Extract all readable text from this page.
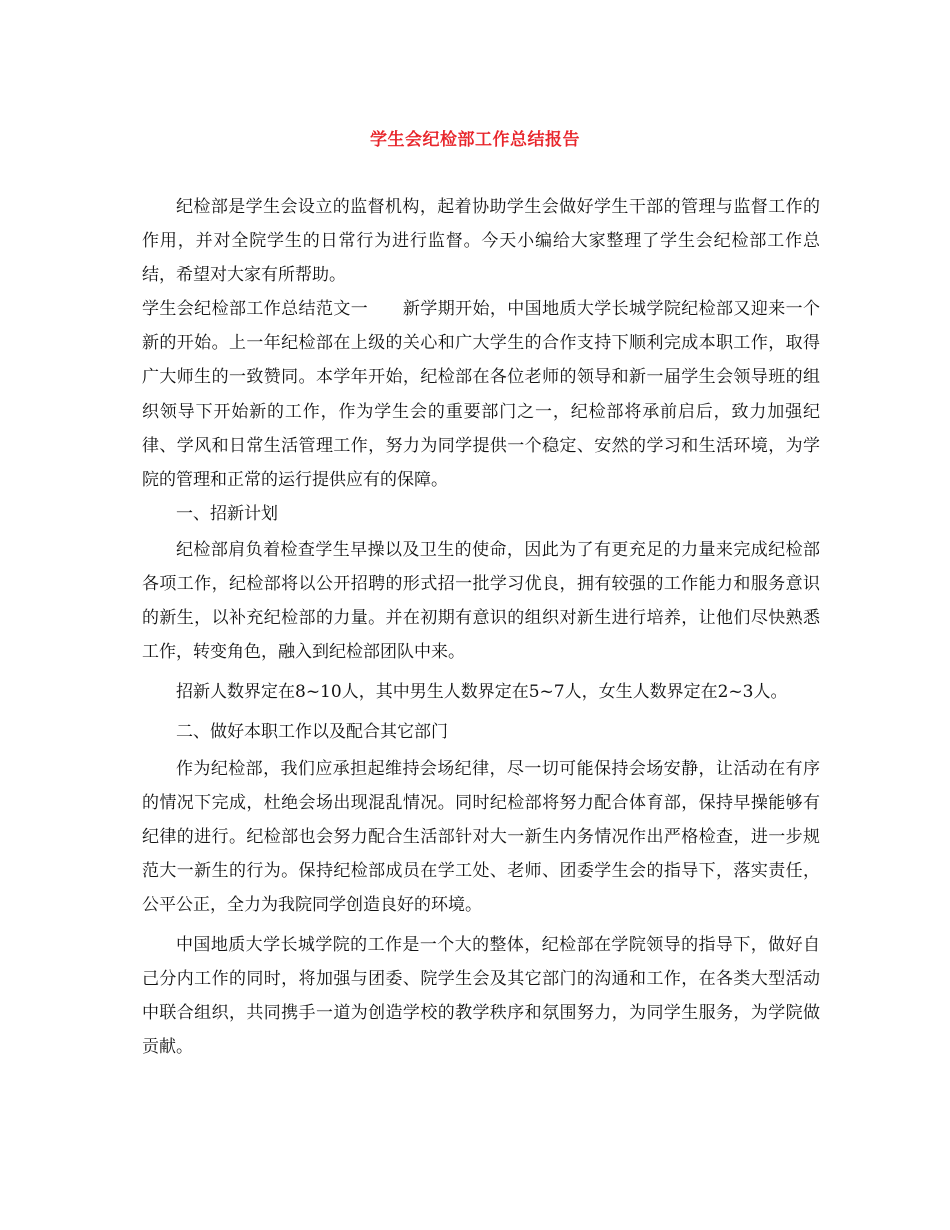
学生会纪检部工作总结报告

纪检部是学生会设立的监督机构，起着协助学生会做好学生干部的管理与监督工作的作用，并对全院学生的日常行为进行监督。今天小编给大家整理了学生会纪检部工作总结，希望对大家有所帮助。

学生会纪检部工作总结范文一　　新学期开始，中国地质大学长城学院纪检部又迎来一个新的开始。上一年纪检部在上级的关心和广大学生的合作支持下顺利完成本职工作，取得广大师生的一致赞同。本学年开始，纪检部在各位老师的领导和新一届学生会领导班的组织领导下开始新的工作，作为学生会的重要部门之一，纪检部将承前启后，致力加强纪律、学风和日常生活管理工作，努力为同学提供一个稳定、安然的学习和生活环境，为学院的管理和正常的运行提供应有的保障。

一、招新计划

纪检部肩负着检查学生早操以及卫生的使命，因此为了有更充足的力量来完成纪检部各项工作，纪检部将以公开招聘的形式招一批学习优良，拥有较强的工作能力和服务意识的新生，以补充纪检部的力量。并在初期有意识的组织对新生进行培养，让他们尽快熟悉工作，转变角色，融入到纪检部团队中来。

招新人数界定在8~10人，其中男生人数界定在5~7人，女生人数界定在2~3人。

二、做好本职工作以及配合其它部门

作为纪检部，我们应承担起维持会场纪律，尽一切可能保持会场安静，让活动在有序的情况下完成，杜绝会场出现混乱情况。同时纪检部将努力配合体育部，保持早操能够有纪律的进行。纪检部也会努力配合生活部针对大一新生内务情况作出严格检查，进一步规范大一新生的行为。保持纪检部成员在学工处、老师、团委学生会的指导下，落实责任，公平公正，全力为我院同学创造良好的环境。

中国地质大学长城学院的工作是一个大的整体，纪检部在学院领导的指导下，做好自己分内工作的同时，将加强与团委、院学生会及其它部门的沟通和工作，在各类大型活动中联合组织，共同携手一道为创造学校的教学秩序和氛围努力，为同学生服务，为学院做贡献。
